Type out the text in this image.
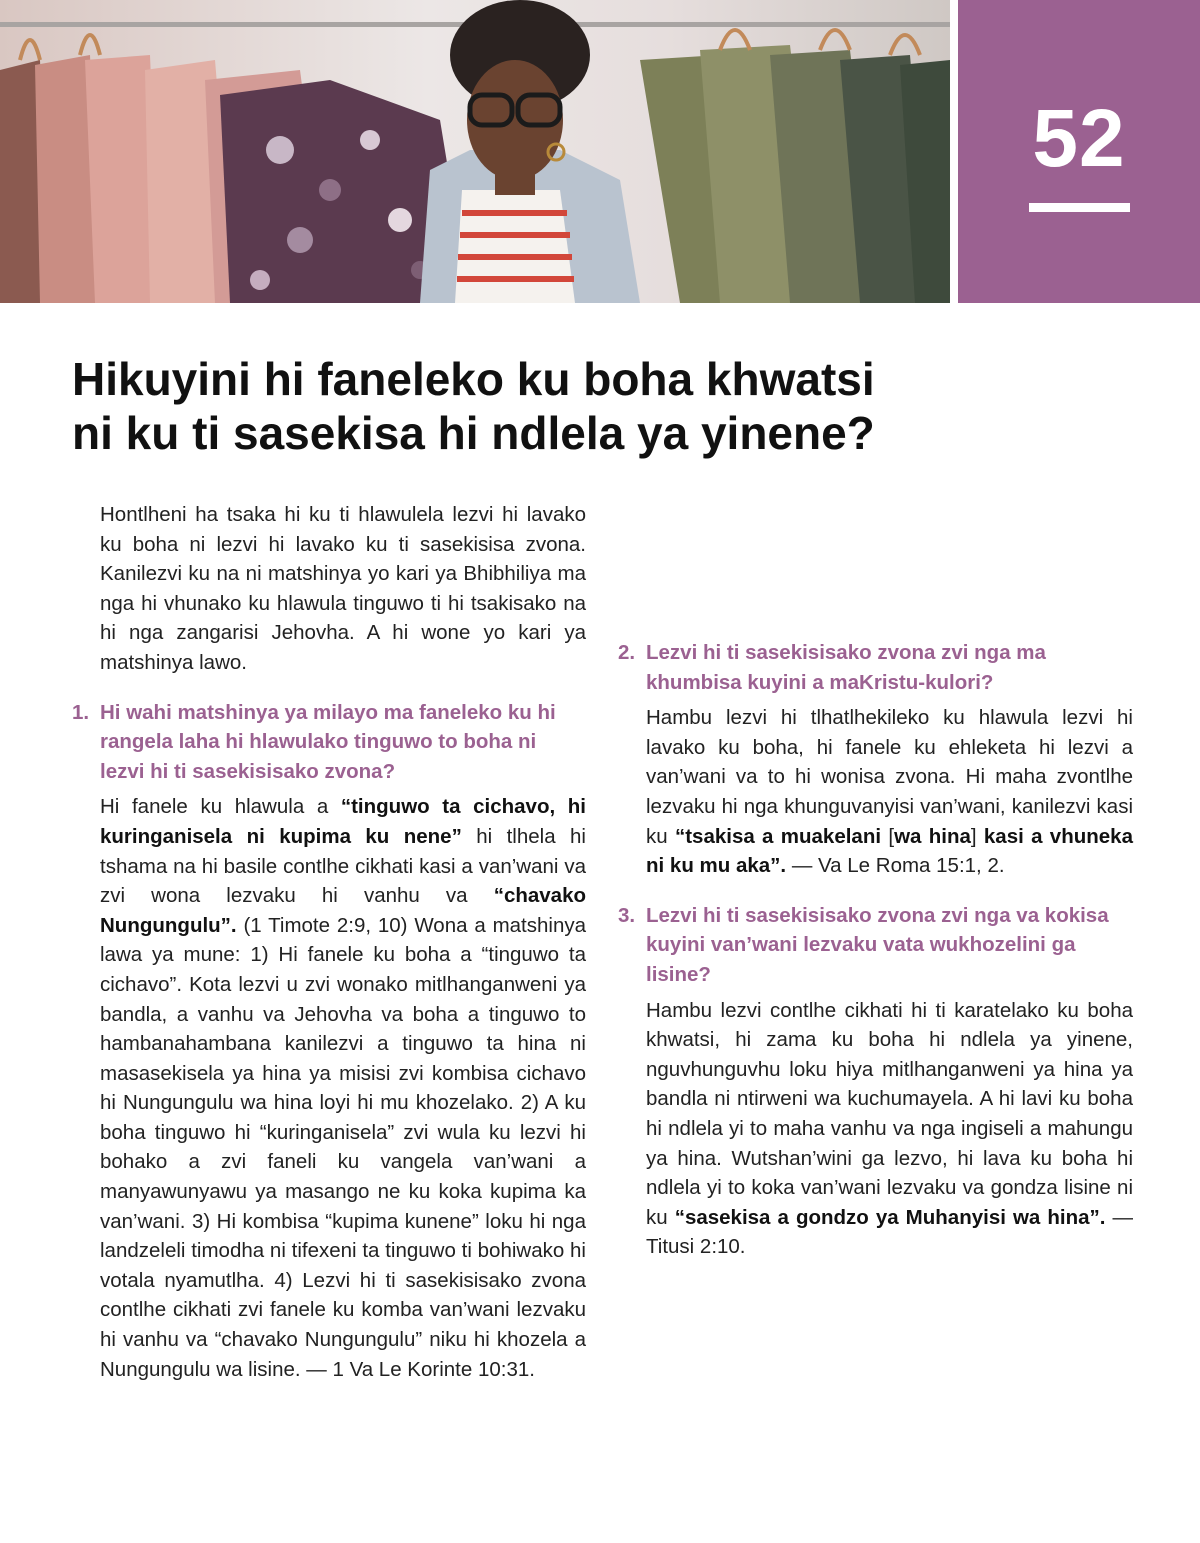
52
Hikuyini hi faneleko ku boha khwatsi
ni ku ti sasekisa hi ndlela ya yinene?

Hontlheni ha tsaka hi ku ti hlawulela lezvi hi lavako ku boha ni lezvi hi lavako ku ti sasekisisa zvona. Kanilezvi ku na ni matshinya yo kari ya Bhibhiliya ma nga hi vhunako ku hlawula tinguwo ti hi tsakisako na hi nga zangarisi Jehovha. A hi wone yo kari ya matshinya lawo.

1. Hi wahi matshinya ya milayo ma faneleko ku hi rangela laha hi hlawulako tinguwo to boha ni lezvi hi ti sasekisisako zvona?

Hi fanele ku hlawula a “tinguwo ta cichavo, hi kuringanisela ni kupima ku nene” hi tlhela hi tshama na hi basile contlhe cikhati kasi a van’wani va zvi wona lezvaku hi vanhu va “chavako Nungungulu”. (1 Timote 2:9, 10) Wona a matshinya lawa ya mune: 1) Hi fanele ku boha a “tinguwo ta cichavo”. Kota lezvi u zvi wonako mitlhanganweni ya bandla, a vanhu va Jehovha va boha a tinguwo to hambanahambana kanilezvi a tinguwo ta hina ni masasekisela ya hina ya misisi zvi kombisa cichavo hi Nungungulu wa hina loyi hi mu khozelako. 2) A ku boha tinguwo hi “kuringanisela” zvi wula ku lezvi hi bohako a zvi faneli ku vangela van’wani a manyawunyawu ya masango ne ku koka kupima ka van’wani. 3) Hi kombisa “kupima kunene” loku hi nga landzeleli timodha ni tifexeni ta tinguwo ti bohiwako hi votala nyamutlha. 4) Lezvi hi ti sasekisisako zvona contlhe cikhati zvi fanele ku komba van’wani lezvaku hi vanhu va “chavako Nungungulu” niku hi khozela a Nungungulu wa lisine. — 1 Va Le Korinte 10:31.

2. Lezvi hi ti sasekisisako zvona zvi nga ma khumbisa kuyini a maKristu-kulori?

Hambu lezvi hi tlhatlhekileko ku hlawula lezvi hi lavako ku boha, hi fanele ku ehleketa hi lezvi a van’wani va to hi wonisa zvona. Hi maha zvontlhe lezvaku hi nga khunguvanyisi van’wani, kanilezvi kasi ku “tsakisa a muakelani [wa hina] kasi a vhuneka ni ku mu aka”. — Va Le Roma 15:1, 2.

3. Lezvi hi ti sasekisisako zvona zvi nga va kokisa kuyini van’wani lezvaku vata wukhozelini ga lisine?

Hambu lezvi contlhe cikhati hi ti karatelako ku boha khwatsi, hi zama ku boha hi ndlela ya yinene, nguvhunguvhu loku hiya mitlhanganweni ya hina ya bandla ni ntirweni wa kuchumayela. A hi lavi ku boha hi ndlela yi to maha vanhu va nga ingiseli a mahungu ya hina. Wutshan’wini ga lezvo, hi lava ku boha hi ndlela yi to koka van’wani lezvaku va gondza lisine ni ku “sasekisa a gondzo ya Muhanyisi wa hina”. — Titusi 2:10.
